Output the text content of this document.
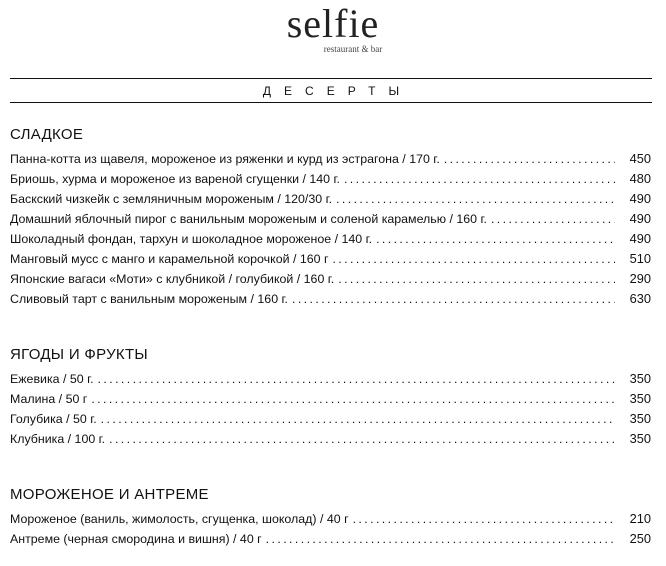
selfie
restaurant & bar
ДЕСЕРТЫ
СЛАДКОЕ
Панна-котта из щавеля, мороженое из ряженки и курд из эстрагона / 170 г. .....	450
Бриошь, хурма и мороженое из вареной сгущенки / 140 г. .....	480
Баскский чизкейк с земляничным мороженым / 120/30 г. .....	490
Домашний яблочный пирог с ванильным мороженым и соленой карамелью / 160 г. .....	490
Шоколадный фондан, тархун и шоколадное мороженое / 140 г. .....	490
Манговый мусс с манго и карамельной корочкой / 160 г .....	510
Японские вагаси «Моти» с клубникой / голубикой / 160 г. .....	290
Сливовый тарт с ванильным мороженым / 160 г. .....	630
ЯГОДЫ И ФРУКТЫ
Ежевика / 50 г. .....	350
Малина / 50 г .....	350
Голубика / 50 г. .....	350
Клубника / 100 г. .....	350
МОРОЖЕНОЕ И АНТРЕМЕ
Мороженое (ваниль, жимолость, сгущенка, шоколад) / 40 г .....	210
Антреме (черная смородина и вишня) / 40 г .....	250
